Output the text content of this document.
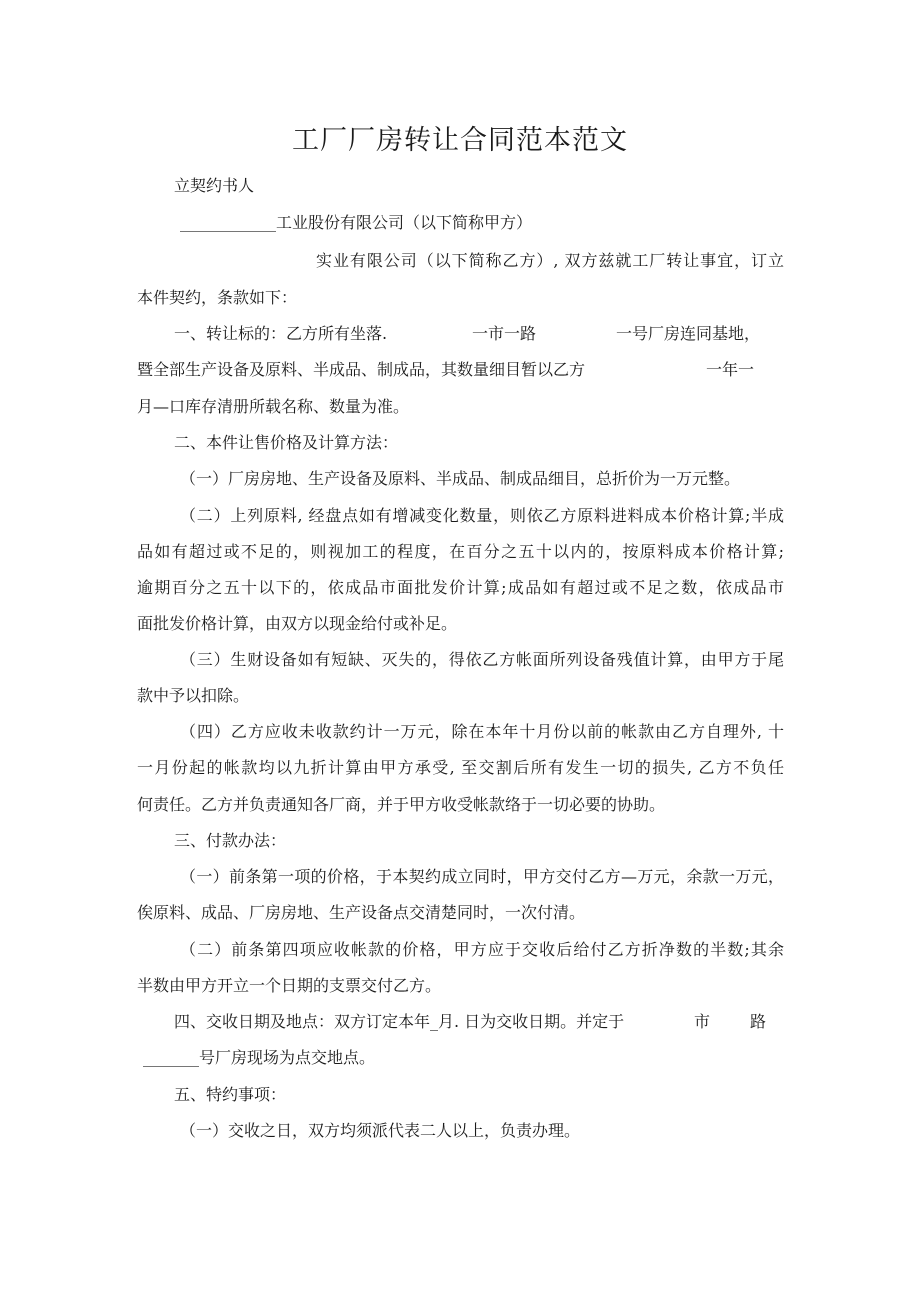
工厂厂房转让合同范本范文
立契约书人
____________工业股份有限公司（以下简称甲方）
实业有限公司（以下简称乙方）, 双方兹就工厂转让事宜，订立
本件契约，条款如下：
一、转让标的：乙方所有坐落.	一市一路	一号厂房连同基地，
暨全部生产设备及原料、半成品、制成品，其数量细目暂以乙方	一年一
月—口库存清册所载名称、数量为准。
二、本件让售价格及计算方法：
（一）厂房房地、生产设备及原料、半成品、制成品细目，总折价为一万元整。
（二）上列原料, 经盘点如有增减变化数量，则依乙方原料进料成本价格计算;半成
品如有超过或不足的，则视加工的程度，在百分之五十以内的，按原料成本价格计算;
逾期百分之五十以下的，依成品市面批发价计算;成品如有超过或不足之数，依成品市
面批发价格计算，由双方以现金给付或补足。
（三）生财设备如有短缺、灭失的，得依乙方帐面所列设备残值计算，由甲方于尾
款中予以扣除。
（四）乙方应收未收款约计一万元，除在本年十月份以前的帐款由乙方自理外, 十
一月份起的帐款均以九折计算由甲方承受, 至交割后所有发生一切的损失, 乙方不负任
何责任。乙方并负责通知各厂商，并于甲方收受帐款络于一切必要的协助。
三、付款办法：
（一）前条第一项的价格，于本契约成立同时，甲方交付乙方—万元，余款一万元，
俟原料、成品、厂房房地、生产设备点交清楚同时，一次付清。
（二）前条第四项应收帐款的价格，甲方应于交收后给付乙方折净数的半数;其余
半数由甲方开立一个日期的支票交付乙方。
四、交收日期及地点：双方订定本年_月. 日为交收日期。并定于	市 路
_______号厂房现场为点交地点。
五、特约事项：
（一）交收之日，双方均须派代表二人以上，负责办理。
